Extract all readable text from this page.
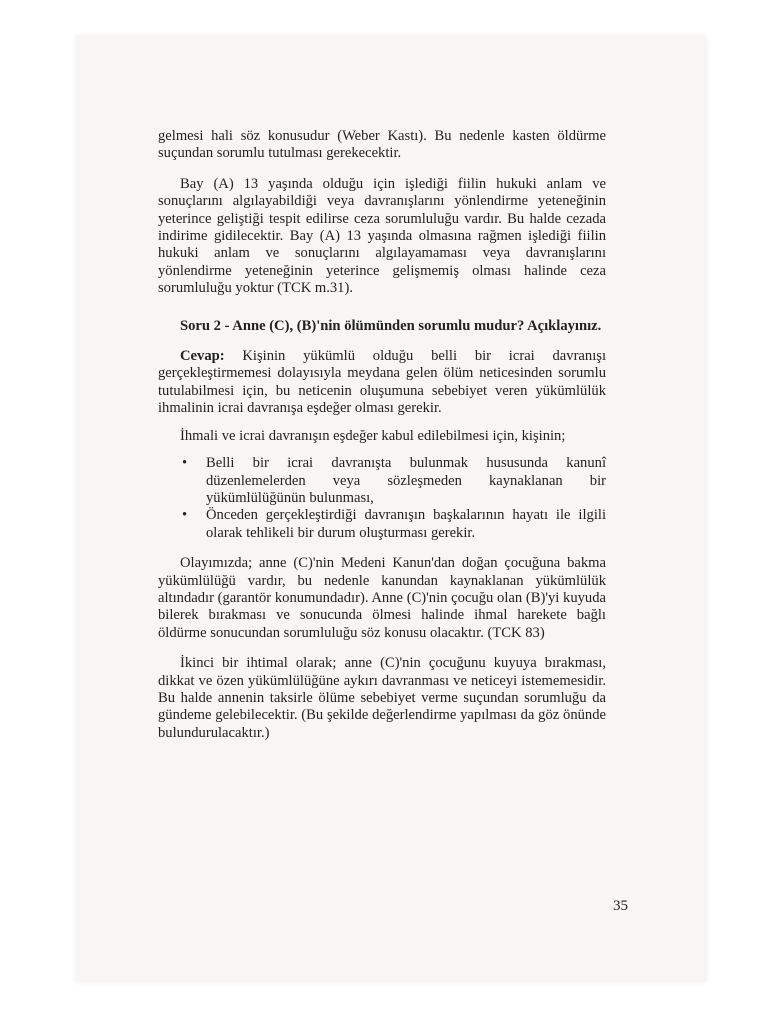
gelmesi hali söz konusudur (Weber Kastı). Bu nedenle kasten öldürme suçundan sorumlu tutulması gerekecektir.

Bay (A) 13 yaşında olduğu için işlediği fiilin hukuki anlam ve sonuçlarını algılayabildiği veya davranışlarını yönlendirme yeteneğinin yeterince geliştiği tespit edilirse ceza sorumluluğu vardır. Bu halde cezada indirime gidilecektir. Bay (A) 13 yaşında olmasına rağmen işlediği fiilin hukuki anlam ve sonuçlarını algılayamaması veya davranışlarını yönlendirme yeteneğinin yeterince gelişmemiş olması halinde ceza sorumluluğu yoktur (TCK m.31).

Soru 2 - Anne (C), (B)'nin ölümünden sorumlu mudur? Açıklayınız.

Cevap: Kişinin yükümlü olduğu belli bir icrai davranışı gerçekleştirmemesi dolayısıyla meydana gelen ölüm neticesinden sorumlu tutulabilmesi için, bu neticenin oluşumuna sebebiyet veren yükümlülük ihmalinin icrai davranışa eşdeğer olması gerekir.

İhmali ve icrai davranışın eşdeğer kabul edilebilmesi için, kişinin;

• Belli bir icrai davranışta bulunmak hususunda kanunî düzenlemelerden veya sözleşmeden kaynaklanan bir yükümlülüğünün bulunması,
• Önceden gerçekleştirdiği davranışın başkalarının hayatı ile ilgili olarak tehlikeli bir durum oluşturması gerekir.

Olayımızda; anne (C)'nin Medeni Kanun'dan doğan çocuğuna bakma yükümlülüğü vardır, bu nedenle kanundan kaynaklanan yükümlülük altındadır (garantör konumundadır). Anne (C)'nin çocuğu olan (B)'yi kuyuda bilerek bırakması ve sonucunda ölmesi halinde ihmal harekete bağlı öldürme sonucundan sorumluluğu söz konusu olacaktır. (TCK 83)

İkinci bir ihtimal olarak; anne (C)'nin çocuğunu kuyuya bırakması, dikkat ve özen yükümlülüğüne aykırı davranması ve neticeyi istememesidir. Bu halde annenin taksirle ölüme sebebiyet verme suçundan sorumluğu da gündeme gelebilecektir. (Bu şekilde değerlendirme yapılması da göz önünde bulundurulacaktır.)

35
